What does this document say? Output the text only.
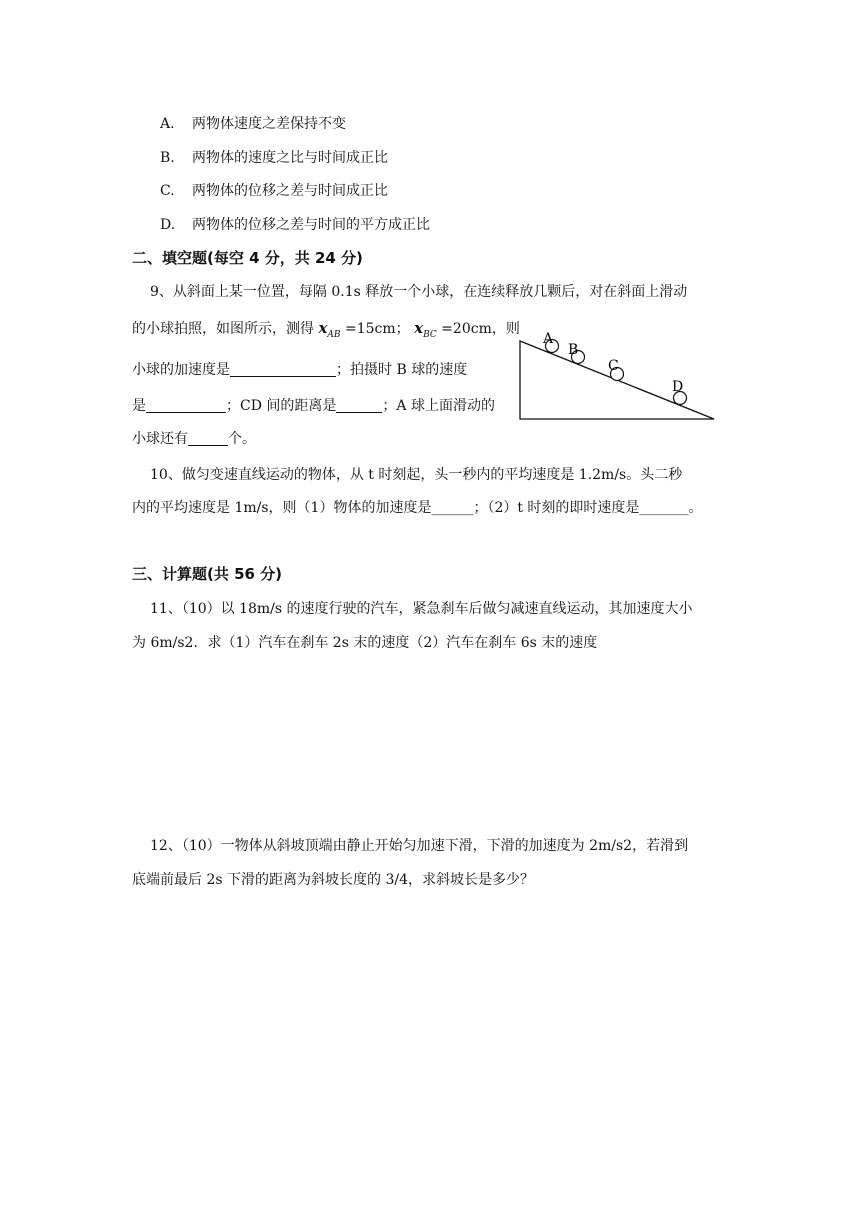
A. 两物体速度之差保持不变
B. 两物体的速度之比与时间成正比
C. 两物体的位移之差与时间成正比
D. 两物体的位移之差与时间的平方成正比
二、填空题(每空 4 分，共 24 分)
9、从斜面上某一位置，每隔 0.1s 释放一个小球，在连续释放几颗后，对在斜面上滑动
的小球拍照，如图所示，测得 $x_{AB} =15cm$； $x_{BC} =20cm$，则
小球的加速度是	；拍摄时 B 球的速度
是	；CD 间的距离是	；A 球上面滑动的
小球还有	个。
A
B
C
D
10、做匀变速直线运动的物体，从 t 时刻起，头一秒内的平均速度是 1.2m/s。头二秒
内的平均速度是 1m/s，则（1）物体的加速度是______；（2）t 时刻的即时速度是_______。
三、计算题(共 56 分)
11、（10）以 18m/s 的速度行驶的汽车，紧急刹车后做匀减速直线运动，其加速度大小
为 6m/s2．求（1）汽车在刹车 2s 末的速度（2）汽车在刹车 6s 末的速度
12、（10）一物体从斜坡顶端由静止开始匀加速下滑，下滑的加速度为 2m/s2，若滑到
底端前最后 2s 下滑的距离为斜坡长度的 3/4，求斜坡长是多少？
